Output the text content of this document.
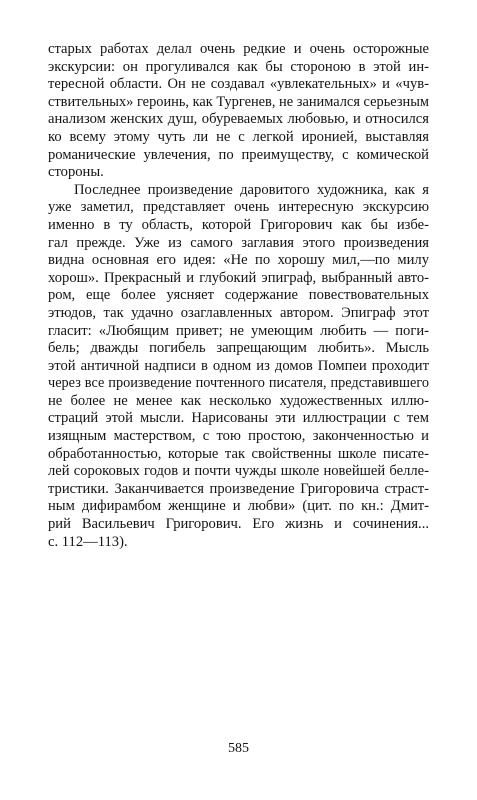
старых работах делал очень редкие и очень осторожные
экскурсии: он прогуливался как бы стороною в этой ин-
тересной области. Он не создавал «увлекательных» и «чув-
ствительных» героинь, как Тургенев, не занимался серьезным
анализом женских душ, обуреваемых любовью, и относился
ко всему этому чуть ли не с легкой иронией, выставляя
романические увлечения, по преимуществу, с комической
стороны.
Последнее произведение даровитого художника, как я
уже заметил, представляет очень интересную экскурсию
именно в ту область, которой Григорович как бы избе-
гал прежде. Уже из самого заглавия этого произведения
видна основная его идея: «Не по хорошу мил,—по милу
хорош». Прекрасный и глубокий эпиграф, выбранный авто-
ром, еще более уясняет содержание повествовательных
этюдов, так удачно озаглавленных автором. Эпиграф этот
гласит: «Любящим привет; не умеющим любить — поги-
бель; дважды погибель запрещающим любить». Мысль
этой античной надписи в одном из домов Помпеи проходит
через все произведение почтенного писателя, представившего
не более не менее как несколько художественных иллю-
страций этой мысли. Нарисованы эти иллюстрации с тем
изящным мастерством, с тою простою, законченностью и
обработанностью, которые так свойственны школе писате-
лей сороковых годов и почти чужды школе новейшей белле-
тристики. Заканчивается произведение Григоровича страст-
ным дифирамбом женщине и любви» (цит. по кн.: Дмит-
рий Васильевич Григорович. Его жизнь и сочинения...
с. 112—113).
585
